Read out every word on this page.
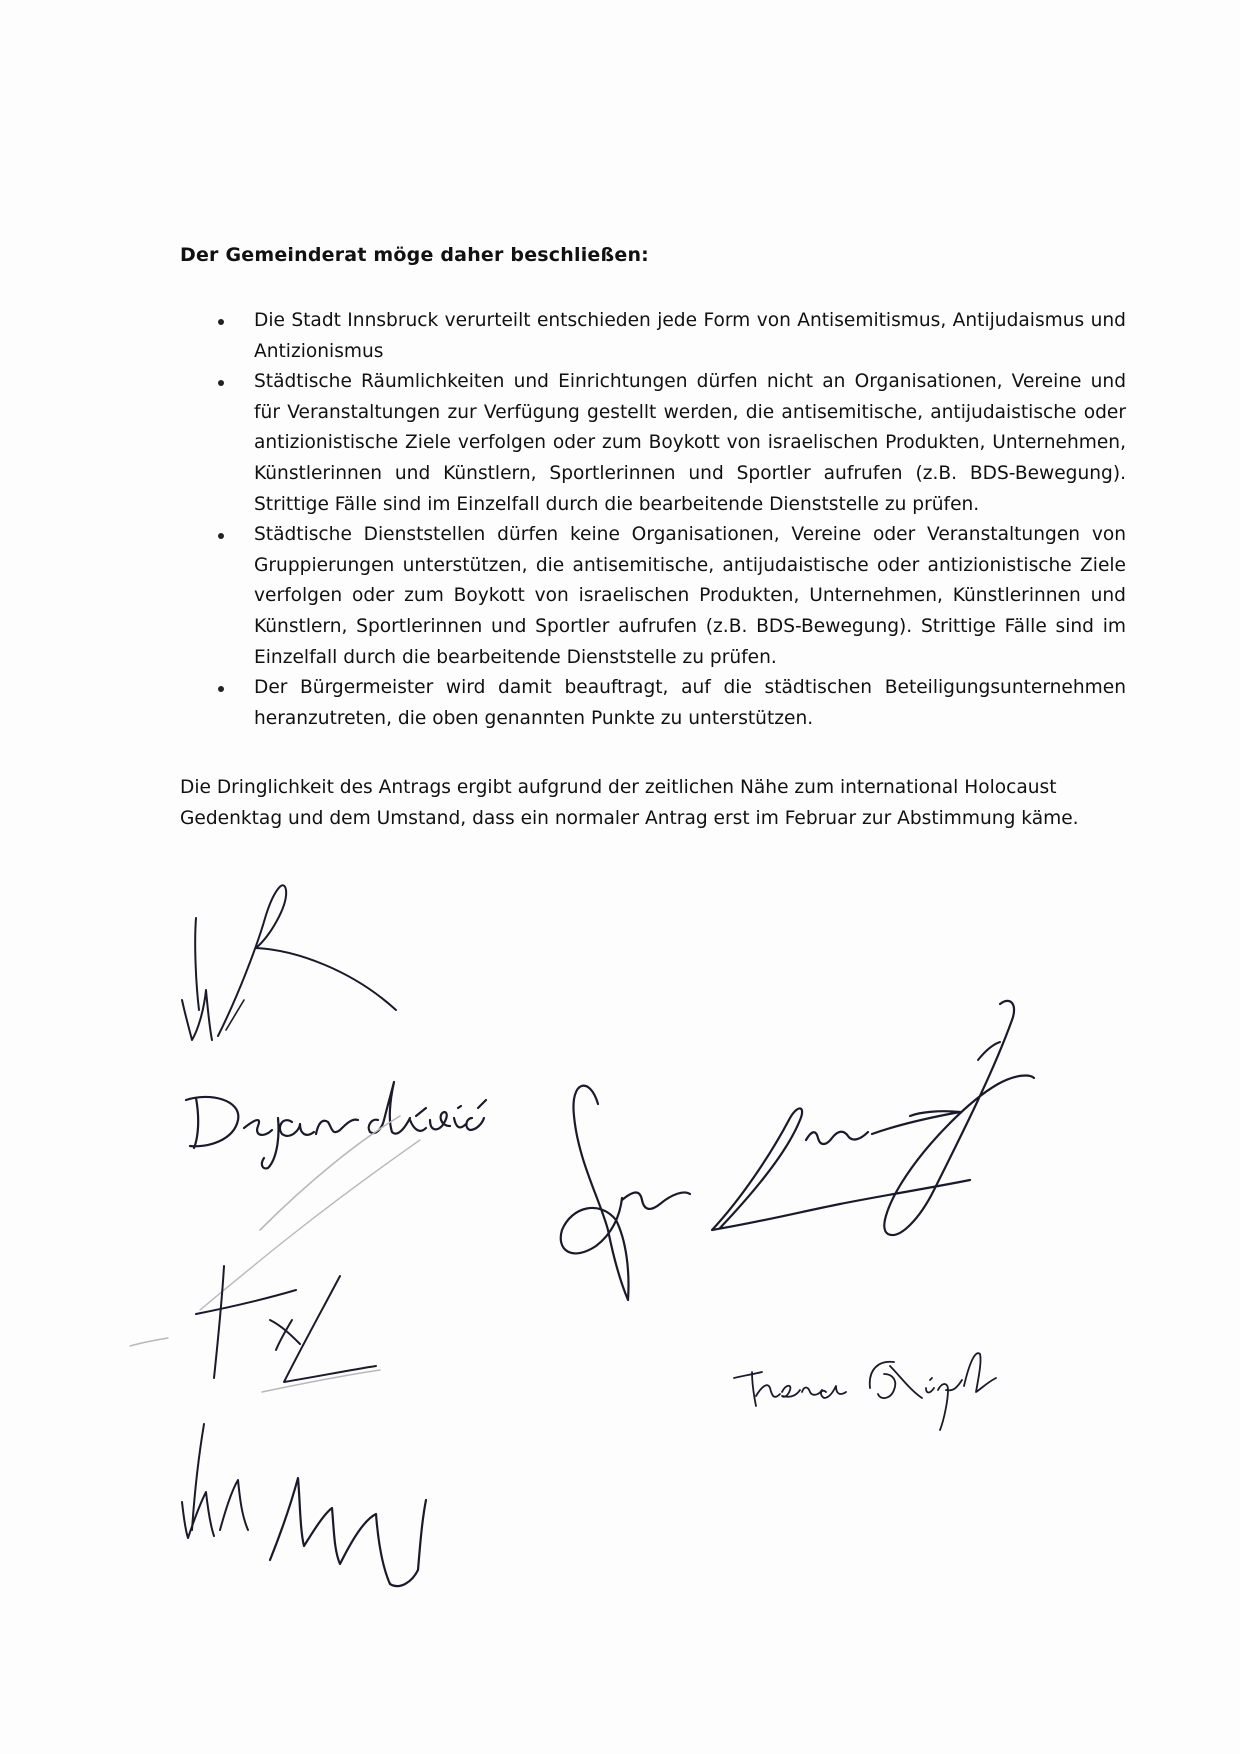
Der Gemeinderat möge daher beschließen:
Die Stadt Innsbruck verurteilt entschieden jede Form von Antisemitismus, Antijudaismus und Antizionismus
Städtische Räumlichkeiten und Einrichtungen dürfen nicht an Organisationen, Vereine und für Veranstaltungen zur Verfügung gestellt werden, die antisemitische, antijudaistische oder antizionistische Ziele verfolgen oder zum Boykott von israelischen Produkten, Unternehmen, Künstlerinnen und Künstlern, Sportlerinnen und Sportler aufrufen (z.B. BDS-Bewegung). Strittige Fälle sind im Einzelfall durch die bearbeitende Dienststelle zu prüfen.
Städtische Dienststellen dürfen keine Organisationen, Vereine oder Veranstaltungen von Gruppierungen unterstützen, die antisemitische, antijudaistische oder antizionistische Ziele verfolgen oder zum Boykott von israelischen Produkten, Unternehmen, Künstlerinnen und Künstlern, Sportlerinnen und Sportler aufrufen (z.B. BDS-Bewegung). Strittige Fälle sind im Einzelfall durch die bearbeitende Dienststelle zu prüfen.
Der Bürgermeister wird damit beauftragt, auf die städtischen Beteiligungsunternehmen heranzutreten, die oben genannten Punkte zu unterstützen.
Die Dringlichkeit des Antrags ergibt aufgrund der zeitlichen Nähe zum international Holocaust Gedenktag und dem Umstand, dass ein normaler Antrag erst im Februar zur Abstimmung käme.
